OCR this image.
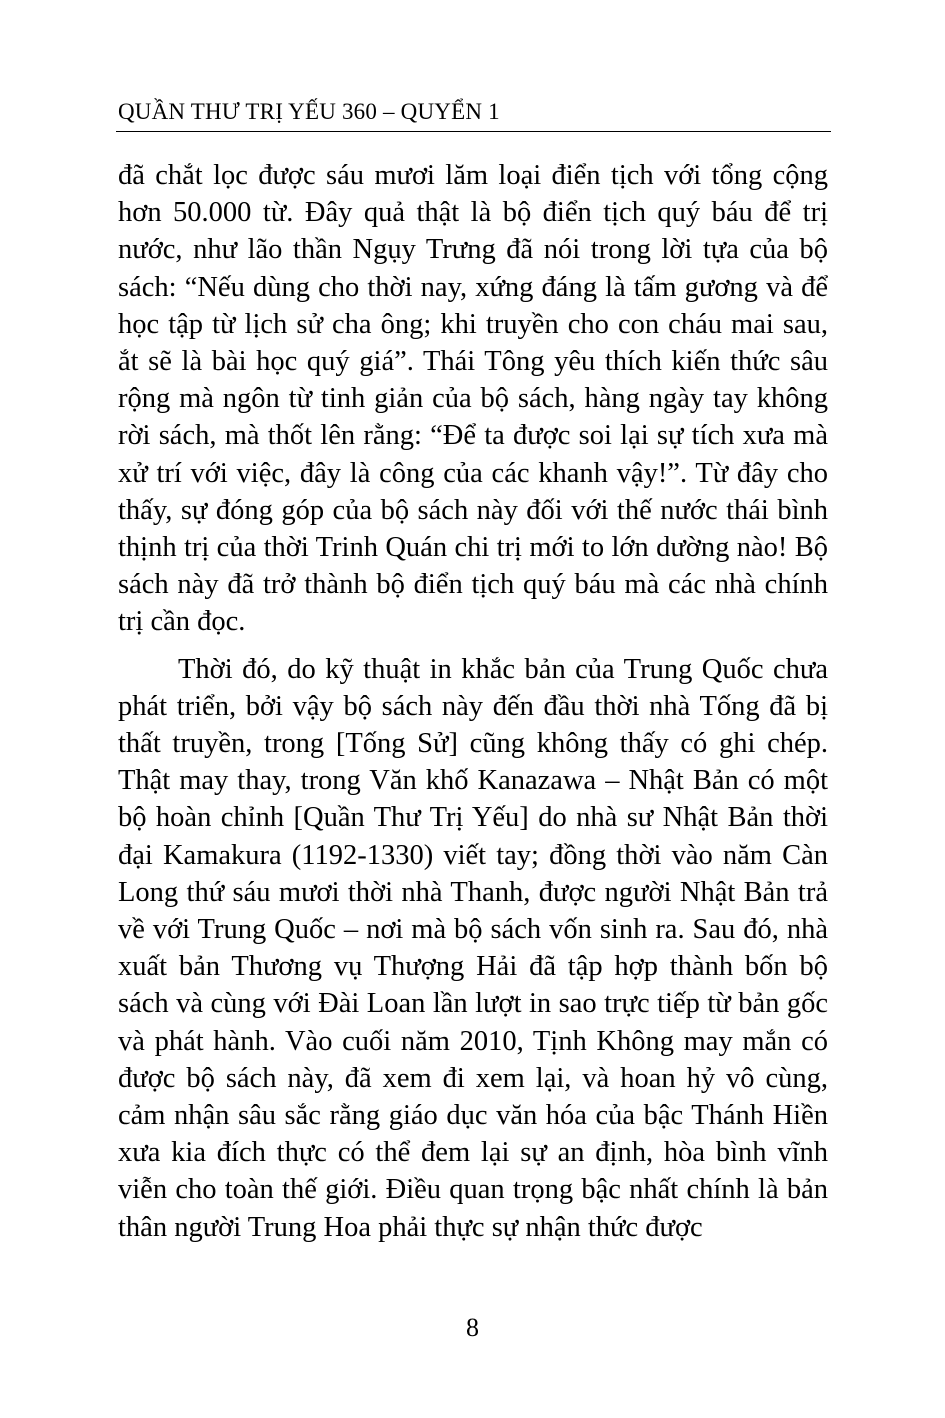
QUẦN THƯ TRỊ YẾU 360 – QUYỂN 1

đã chắt lọc được sáu mươi lăm loại điển tịch với tổng cộng hơn 50.000 từ. Đây quả thật là bộ điển tịch quý báu để trị nước, như lão thần Ngụy Trưng đã nói trong lời tựa của bộ sách: “Nếu dùng cho thời nay, xứng đáng là tấm gương và để học tập từ lịch sử cha ông; khi truyền cho con cháu mai sau, ắt sẽ là bài học quý giá”. Thái Tông yêu thích kiến thức sâu rộng mà ngôn từ tinh giản của bộ sách, hàng ngày tay không rời sách, mà thốt lên rằng: “Để ta được soi lại sự tích xưa mà xử trí với việc, đây là công của các khanh vậy!”. Từ đây cho thấy, sự đóng góp của bộ sách này đối với thế nước thái bình thịnh trị của thời Trinh Quán chi trị mới to lớn dường nào! Bộ sách này đã trở thành bộ điển tịch quý báu mà các nhà chính trị cần đọc.

Thời đó, do kỹ thuật in khắc bản của Trung Quốc chưa phát triển, bởi vậy bộ sách này đến đầu thời nhà Tống đã bị thất truyền, trong [Tống Sử] cũng không thấy có ghi chép. Thật may thay, trong Văn khố Kanazawa – Nhật Bản có một bộ hoàn chỉnh [Quần Thư Trị Yếu] do nhà sư Nhật Bản thời đại Kamakura (1192-1330) viết tay; đồng thời vào năm Càn Long thứ sáu mươi thời nhà Thanh, được người Nhật Bản trả về với Trung Quốc – nơi mà bộ sách vốn sinh ra. Sau đó, nhà xuất bản Thương vụ Thượng Hải đã tập hợp thành bốn bộ sách và cùng với Đài Loan lần lượt in sao trực tiếp từ bản gốc và phát hành. Vào cuối năm 2010, Tịnh Không may mắn có được bộ sách này, đã xem đi xem lại, và hoan hỷ vô cùng, cảm nhận sâu sắc rằng giáo dục văn hóa của bậc Thánh Hiền xưa kia đích thực có thể đem lại sự an định, hòa bình vĩnh viễn cho toàn thế giới. Điều quan trọng bậc nhất chính là bản thân người Trung Hoa phải thực sự nhận thức được

8
